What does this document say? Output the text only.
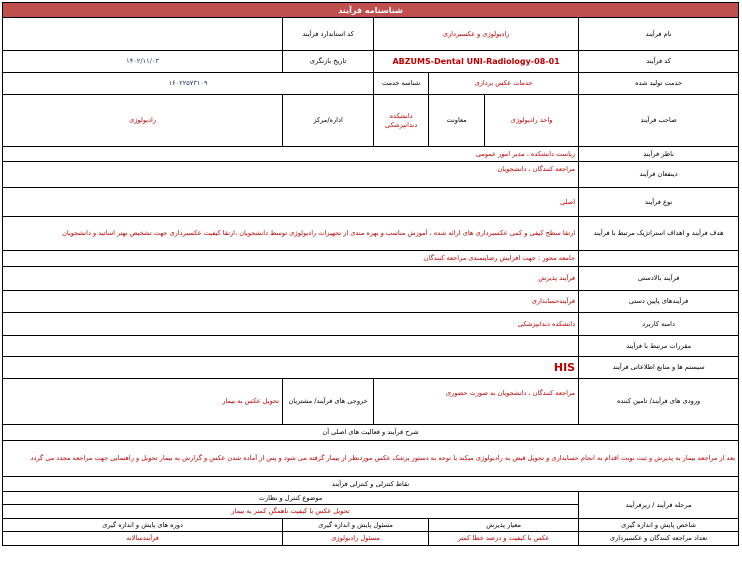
شناسنامه فرآیند					
نام فرآیند	رادیولوژی و عکسبرداری			کد استاندارد فرآیند	
کد فرآیند	ABZUMS-Dental UNI-Radiology-08-01			تاریخ بازنگری	۱۴۰۲/۱۱/۰۳
خدمت تولید شده	خدمات عکس برداری		شناسه خدمت	۱۶۰۲۲۵۷۳۱۰۹	
صاحب فرآیند	واحد رادیولوژی	معاونت	دانشکده دندانپزشکی	اداره/مرکز	رادیولوژی
ناظر فرآیند	ریاست دانشکده ، مدیر امور عمومی				
ذینفعان فرآیند	مراجعه کنندگان ، دانشجویان				
نوع فرآیند	اصلی				
هدف فرآیند و اهداف استراتژیک مرتبط با فرآیند	ارتقا سطح کیفی و کمی عکسبرداری های ارائه شده ، آموزش مناسب و بهره مندی از تجهیزات رادیولوژی توسط دانشجویان ،ارتقا کیفیت عکسبرداری جهت تشخیص بهتر اساتید و دانشجویان				
	جامعه محور : جهت افزایش رضایتمندی مراجعه کنندگان				
فرآیند بالادستی	فرآیند پذیرش				
فرآیندهای پایین دستی	فرآیندحسابداری				
دامنه کاربرد	دانشکده دندانپزشکی				
مقررات مرتبط با فرآیند					
سیستم ها و منابع اطلاعاتی فرآیند	HIS				
ورودی های فرآیند/ تامین کننده	مراجعه کنندگان ، دانشجویان به صورت حضوری			خروجی های فرآیند/ مشتریان	تحویل عکس به بیمار
شرح فرآیند و فعالیت های اصلی آن					
بعد از مراجعه بیمار به پذیرش و ثبت نوبت اقدام به انجام حسابداری و تحویل قبض به رادیولوژی میکند با توجه به دستور پزشک عکس موردنظر از بیمار گرفته می شود و پس از آماده شدن عکس و گزارش به بیمار تحویل و راهنمایی جهت مراجعه مجدد می گردد					
نقاط کنترلی و کنترلی فرآیند					
مرحله فرآیند / زیرفرآیند	موضوع کنترل و نظارت				
	تحویل عکس با کیفیت ناهمگن کمتر به بیمار				
شاخص پایش و اندازه گیری	معیار پذیرش		مسئول پایش و اندازه گیری		دوره های پایش و اندازه گیری
تعداد مراجعه کنندگان و عکسبرداری	عکس با کیفیت و درصد خطا کمتر		مسئول رادیولوژی		فرآیندسالانه
